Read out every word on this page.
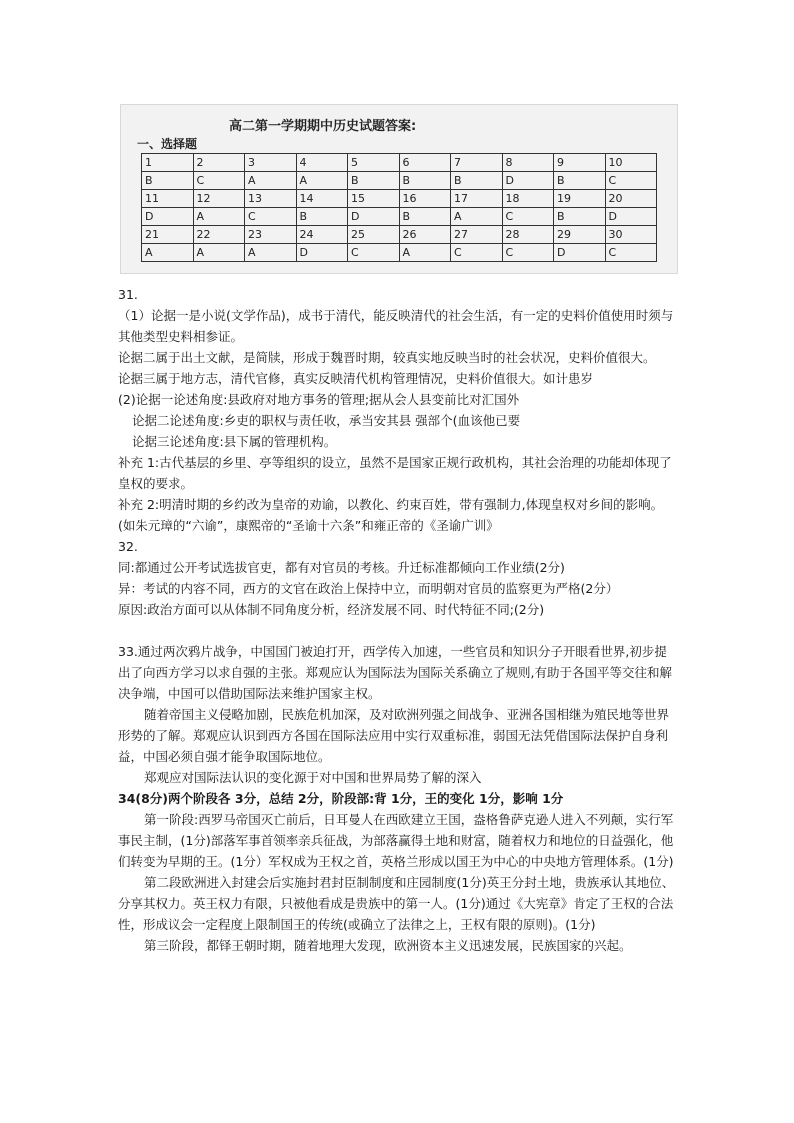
高二第一学期期中历史试题答案:
一、选择题
1	2	3	4	5	6	7	8	9	10
B	C	A	A	B	B	B	D	B	C
11	12	13	14	15	16	17	18	19	20
D	A	C	B	D	B	A	C	B	D
21	22	23	24	25	26	27	28	29	30
A	A	A	D	C	A	C	C	D	C

31.

（1）论据一是小说(文学作品)，成书于清代，能反映清代的社会生活，有一定的史料价值使用时须与其他类型史料相参证。

论据二属于出土文献，是简牍，形成于魏晋时期，较真实地反映当时的社会状况，史料价值很大。

论据三属于地方志，清代官修，真实反映清代机构管理情况，史料价值很大。如计患岁

(2)论据一论述角度:县政府对地方事务的管理;据从会人县变前比对汇国外

论据二论述角度:乡吏的职权与责任收，承当安其县 强部个(血该他已要

论据三论述角度:县下属的管理机构。

补充 1:古代基层的乡里、亭等组织的设立，虽然不是国家正规行政机构，其社会治理的功能却体现了皇权的要求。

补充 2:明清时期的乡约改为皇帝的劝谕，以教化、约束百姓，带有强制力,体现皇权对乡间的影响。(如朱元璋的“六谕”，康熙帝的“圣谕十六条”和雍正帝的《圣谕广训》

32.

同:都通过公开考试选拔官吏，都有对官员的考核。升迁标准都倾向工作业绩(2分)

异：考试的内容不同，西方的文官在政治上保持中立，而明朝对官员的监察更为严格(2分）

原因:政治方面可以从体制不同角度分析，经济发展不同、时代特征不同;(2分)

33.通过两次鸦片战争，中国国门被迫打开，西学传入加速，一些官员和知识分子开眼看世界,初步提出了向西方学习以求自强的主张。郑观应认为国际法为国际关系确立了规则,有助于各国平等交往和解决争端，中国可以借助国际法来维护国家主权。

随着帝国主义侵略加剧，民族危机加深，及对欧洲列强之间战争、亚洲各国相继为殖民地等世界形势的了解。郑观应认识到西方各国在国际法应用中实行双重标准，弱国无法凭借国际法保护自身利益，中国必须自强才能争取国际地位。

郑观应对国际法认识的变化源于对中国和世界局势了解的深入

34(8分)两个阶段各 3分，总结 2分，阶段部:背 1分，王的变化 1分，影响 1分

第一阶段:西罗马帝国灭亡前后，日耳曼人在西欧建立王国，盎格鲁萨克逊人进入不列颠，实行军事民主制，(1分)部落军事首领率亲兵征战，为部落赢得土地和财富，随着权力和地位的日益强化，他们转变为早期的王。(1分）军权成为王权之首，英格兰形成以国王为中心的中央地方管理体系。(1分)

第二段欧洲进入封建会后实施封君封臣制制度和庄园制度(1分)英王分封土地，贵族承认其地位、分享其权力。英王权力有限，只被他看成是贵族中的第一人。(1分)通过《大宪章》肯定了王权的合法性，形成议会一定程度上限制国王的传统(或确立了法律之上，王权有限的原则)。(1分)

第三阶段，都铎王朝时期，随着地理大发现，欧洲资本主义迅速发展，民族国家的兴起。
